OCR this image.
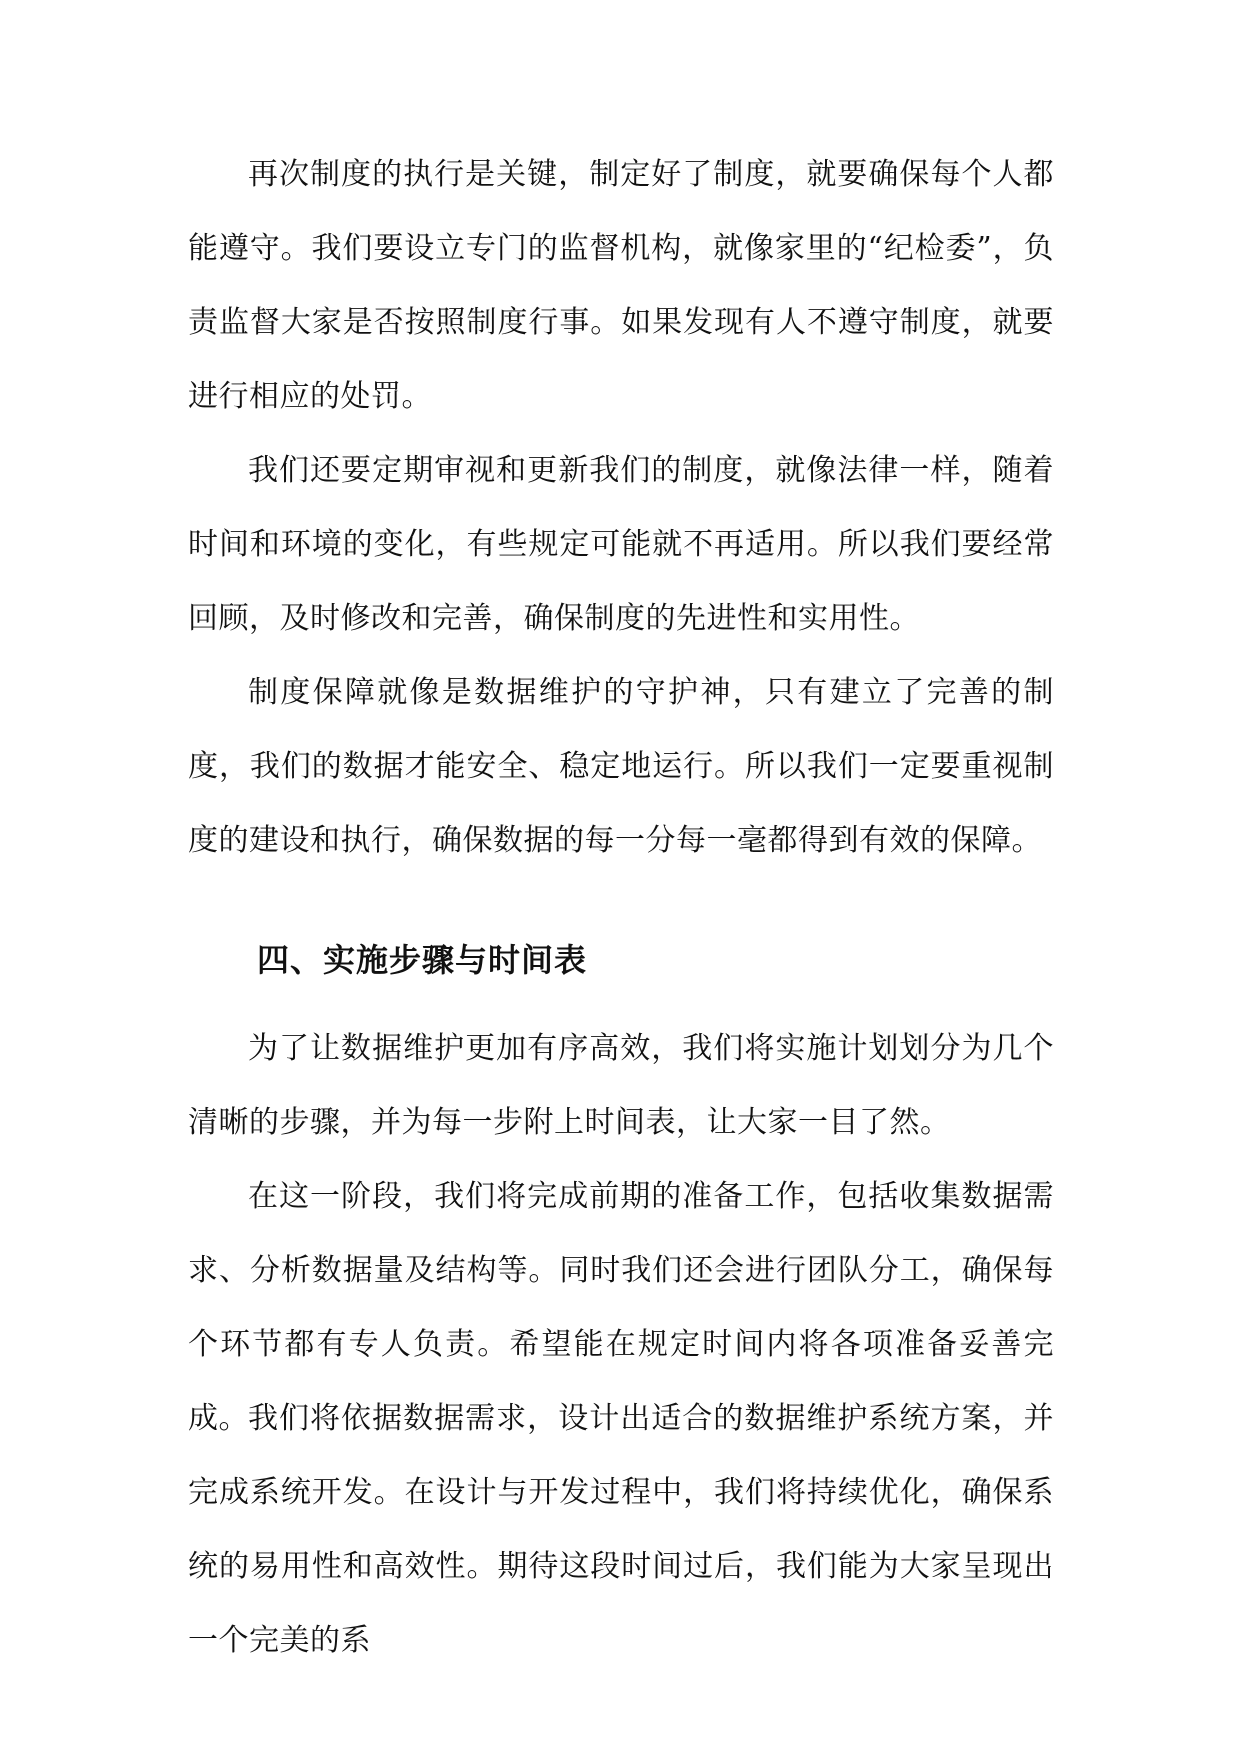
再次制度的执行是关键，制定好了制度，就要确保每个人都能遵守。我们要设立专门的监督机构，就像家里的“纪检委”，负责监督大家是否按照制度行事。如果发现有人不遵守制度，就要进行相应的处罚。

我们还要定期审视和更新我们的制度，就像法律一样，随着时间和环境的变化，有些规定可能就不再适用。所以我们要经常回顾，及时修改和完善，确保制度的先进性和实用性。

制度保障就像是数据维护的守护神，只有建立了完善的制度，我们的数据才能安全、稳定地运行。所以我们一定要重视制度的建设和执行，确保数据的每一分每一毫都得到有效的保障。

四、实施步骤与时间表

为了让数据维护更加有序高效，我们将实施计划划分为几个清晰的步骤，并为每一步附上时间表，让大家一目了然。

在这一阶段，我们将完成前期的准备工作，包括收集数据需求、分析数据量及结构等。同时我们还会进行团队分工，确保每个环节都有专人负责。希望能在规定时间内将各项准备妥善完成。 我们将依据数据需求，设计出适合的数据维护系统方案，并完成系统开发。在设计与开发过程中，我们将持续优化，确保系统的易用性和高效性。期待这段时间过后，我们能为大家呈现出一个完美的系
